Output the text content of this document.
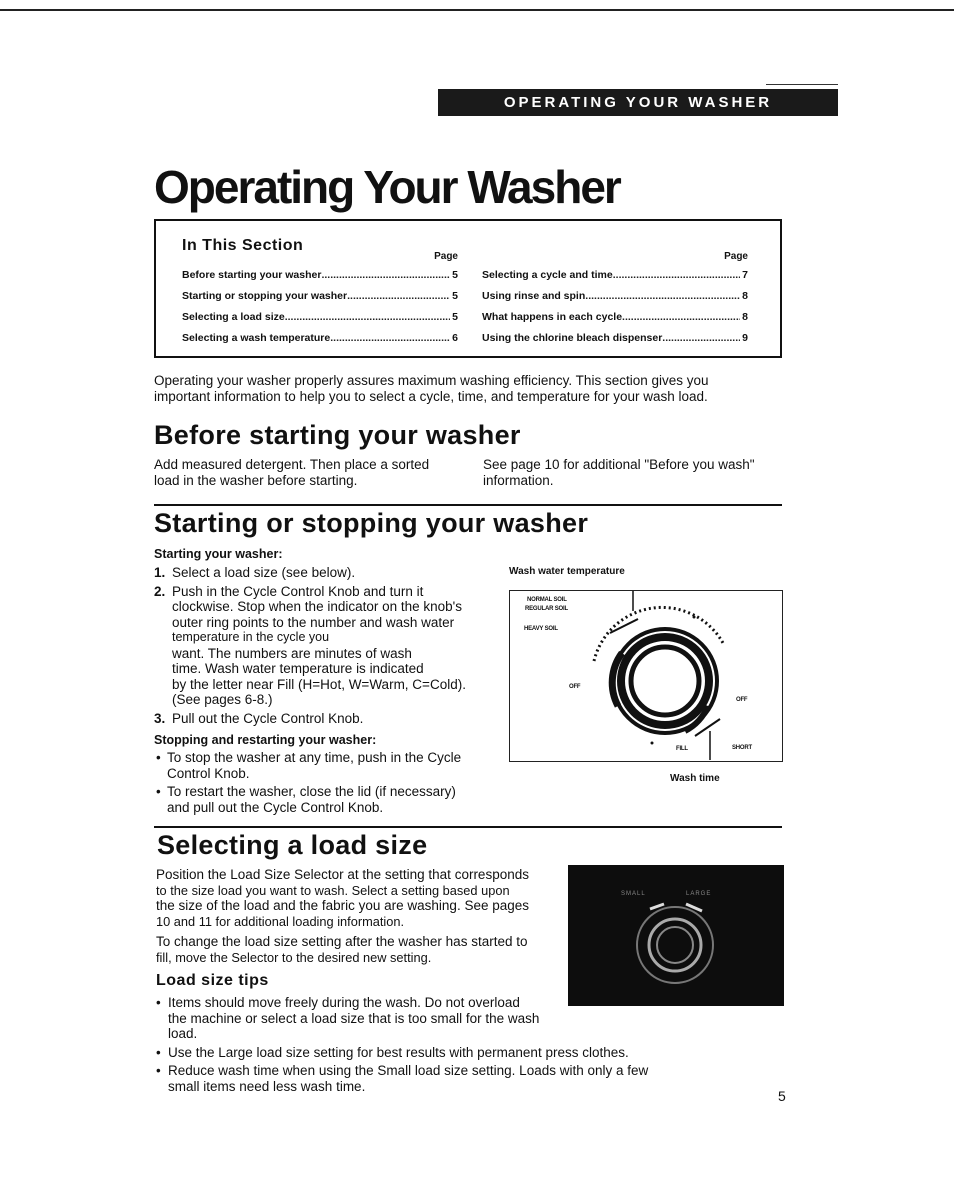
OPERATING YOUR WASHER
Operating Your Washer
In This Section
Page
Before starting your washer .....	5
Starting or stopping your washer .....	5
Selecting a load size .....	5
Selecting a wash temperature .....	6
Page
Selecting a cycle and time .....	7
Using rinse and spin .....	8
What happens in each cycle .....	8
Using the chlorine bleach dispenser .....	9
Operating your washer properly assures maximum washing efficiency. This section gives you
important information to help you to select a cycle, time, and temperature for your wash load.
Before starting your washer
Add measured detergent. Then place a sorted
load in the washer before starting.
See page 10 for additional "Before you wash"
information.
Starting or stopping your washer
Starting your washer:
1. Select a load size (see below).
2. Push in the Cycle Control Knob and turn it
clockwise. Stop when the indicator on the knob's
outer ring points to the number and wash water
temperature in the cycle you
want. The numbers are minutes of wash
time. Wash water temperature is indicated
by the letter near Fill (H=Hot, W=Warm, C=Cold).
(See pages 6-8.)
3. Pull out the Cycle Control Knob.
Stopping and restarting your washer:
• To stop the washer at any time, push in the Cycle
Control Knob.
• To restart the washer, close the lid (if necessary)
and pull out the Cycle Control Knob.
Wash water temperature
NORMAL SOIL
REGULAR SOIL
HEAVY SOIL
OFF
OFF
FILL	SHORT
Wash time
Selecting a load size
Position the Load Size Selector at the setting that corresponds
to the size load you want to wash. Select a setting based upon
the size of the load and the fabric you are washing. See pages
10 and 11 for additional loading information.
To change the load size setting after the washer has started to
fill, move the Selector to the desired new setting.
SMALL	LARGE
Load size tips
• Items should move freely during the wash. Do not overload
the machine or select a load size that is too small for the wash
load.
• Use the Large load size setting for best results with permanent press clothes.
• Reduce wash time when using the Small load size setting. Loads with only a few
small items need less wash time.
5
